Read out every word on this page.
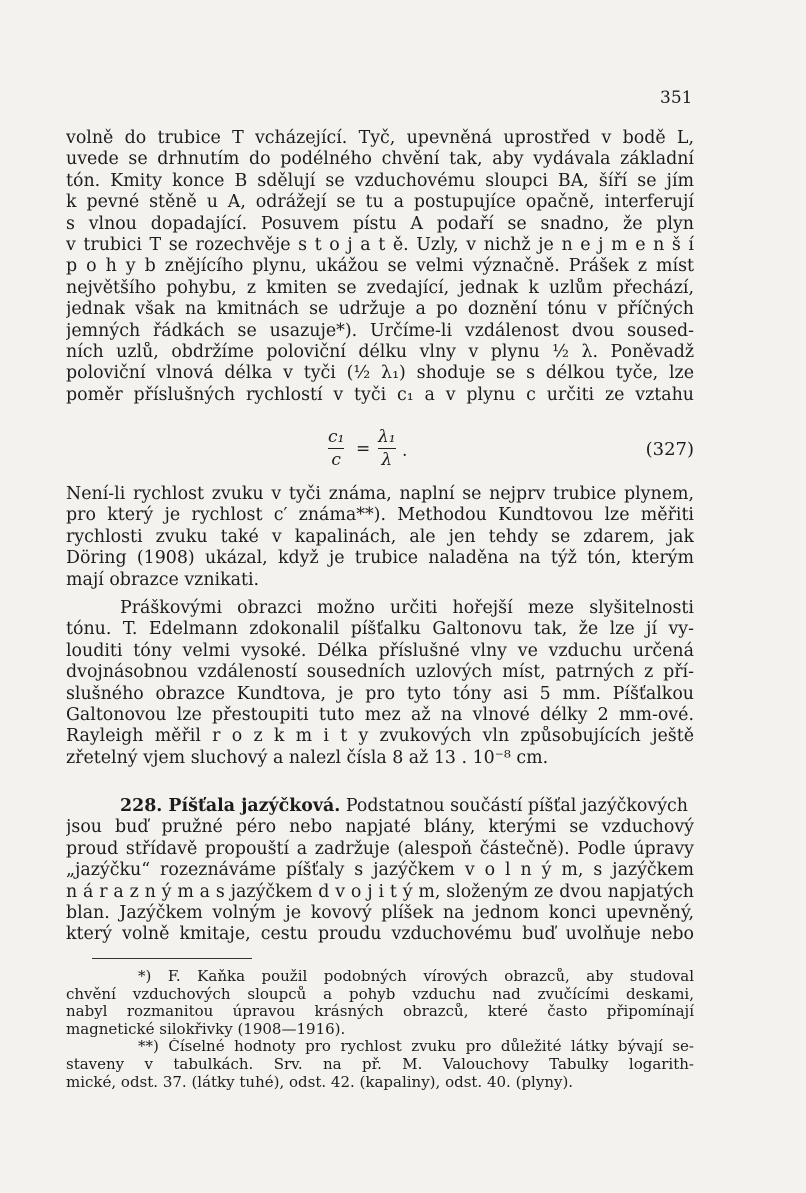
351
volně do trubice T vcházející. Tyč, upevněná uprostřed v bodě L,
uvede se drhnutím do podélného chvění tak, aby vydávala základní
tón. Kmity konce B sdělují se vzduchovému sloupci BA, šíří se jím
k pevné stěně u A, odrážejí se tu a postupujíce opačně, interferují
s vlnou dopadající. Posuvem pístu A podaří se snadno, že plyn
v trubici T se rozechvěje s t o j a t ě. Uzly, v nichž je n e j m e n š í
p o h y b znějícího plynu, ukážou se velmi význačně. Prášek z míst
největšího pohybu, z kmiten se zvedající, jednak k uzlům přechází,
jednak však na kmitnách se udržuje a po doznění tónu v příčných
jemných řádkách se usazuje*). Určíme-li vzdálenost dvou soused-
ních uzlů, obdržíme poloviční délku vlny v plynu ½ λ. Poněvadž
poloviční vlnová délka v tyči (½ λ₁) shoduje se s délkou tyče, lze
poměr příslušných rychlostí v tyči c₁ a v plynu c určiti ze vztahu
c₁
c
=
λ₁
λ .	(327)
Není-li rychlost zvuku v tyči známa, naplní se nejprv trubice plynem,
pro který je rychlost c′ známa**). Methodou Kundtovou lze měřiti
rychlosti zvuku také v kapalinách, ale jen tehdy se zdarem, jak
Döring (1908) ukázal, když je trubice naladěna na týž tón, kterým
mají obrazce vznikati.
Práškovými obrazci možno určiti hořejší meze slyšitelnosti
tónu. T. Edelmann zdokonalil píšťalku Galtonovu tak, že lze jí vy-
louditi tóny velmi vysoké. Délka příslušné vlny ve vzduchu určená
dvojnásobnou vzdáleností sousedních uzlových míst, patrných z pří-
slušného obrazce Kundtova, je pro tyto tóny asi 5 mm. Píšťalkou
Galtonovou lze přestoupiti tuto mez až na vlnové délky 2 mm-ové.
Rayleigh měřil r o z k m i t y zvukových vln způsobujících ještě
zřetelný vjem sluchový a nalezl čísla 8 až 13 . 10⁻⁸ cm.
228. Píšťala jazýčková. Podstatnou součástí píšťal jazýčkových
jsou buď pružné péro nebo napjaté blány, kterými se vzduchový
proud střídavě propouští a zadržuje (alespoň částečně). Podle úpravy
„jazýčku“ rozeznáváme píšťaly s jazýčkem v o l n ý m, s jazýčkem
n á r a z n ý m a s jazýčkem d v o j i t ý m, složeným ze dvou napjatých
blan. Jazýčkem volným je kovový plíšek na jednom konci upevněný,
který volně kmitaje, cestu proudu vzduchovému buď uvolňuje nebo
*) F. Kaňka použil podobných vírových obrazců, aby studoval
chvění vzduchových sloupců a pohyb vzduchu nad zvučícími deskami,
nabyl rozmanitou úpravou krásných obrazců, které často připomínají
magnetické silokřivky (1908—1916).
**) Číselné hodnoty pro rychlost zvuku pro důležité látky bývají se-
staveny v tabulkách. Srv. na př. M. Valouchovy Tabulky logarith-
mické, odst. 37. (látky tuhé), odst. 42. (kapaliny), odst. 40. (plyny).
